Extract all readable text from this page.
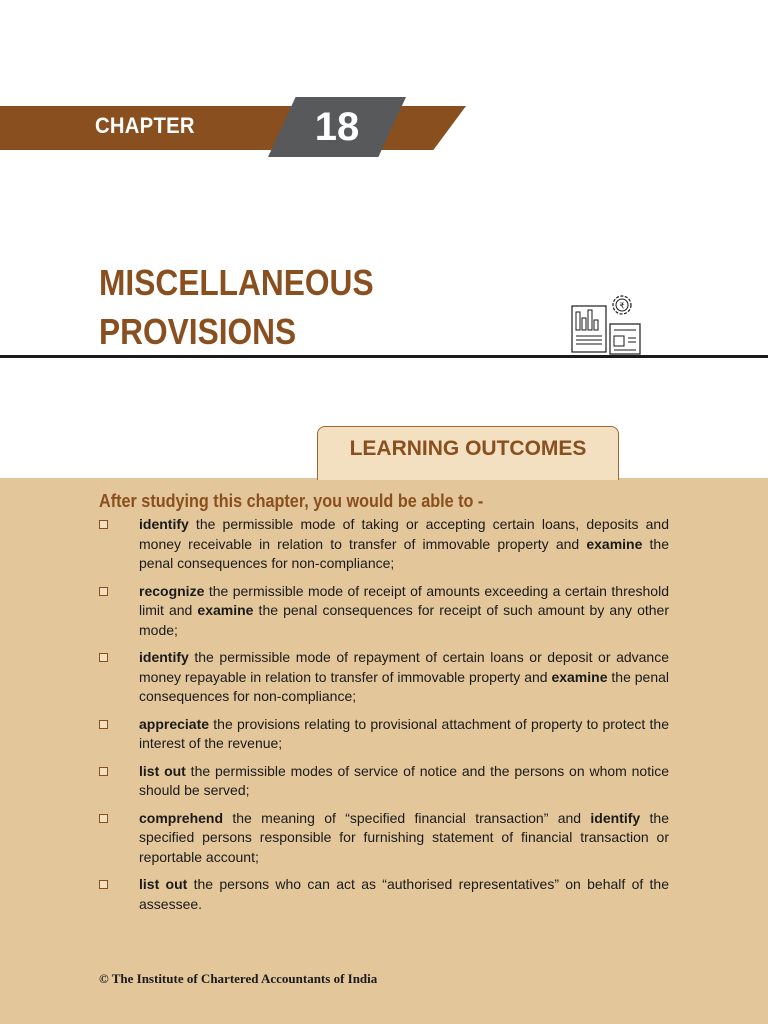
CHAPTER	18
MISCELLANEOUS
PROVISIONS
₹
LEARNING OUTCOMES
After studying this chapter, you would be able to -
identify the permissible mode of taking or accepting certain loans, deposits and money receivable in relation to transfer of immovable property and examine the penal consequences for non-compliance;
recognize the permissible mode of receipt of amounts exceeding a certain threshold limit and examine the penal consequences for receipt of such amount by any other mode;
identify the permissible mode of repayment of certain loans or deposit or advance money repayable in relation to transfer of immovable property and examine the penal consequences for non-compliance;
appreciate the provisions relating to provisional attachment of property to protect the interest of the revenue;
list out the permissible modes of service of notice and the persons on whom notice should be served;
comprehend the meaning of “specified financial transaction” and identify the specified persons responsible for furnishing statement of financial transaction or reportable account;
list out the persons who can act as “authorised representatives” on behalf of the assessee.
© The Institute of Chartered Accountants of India
